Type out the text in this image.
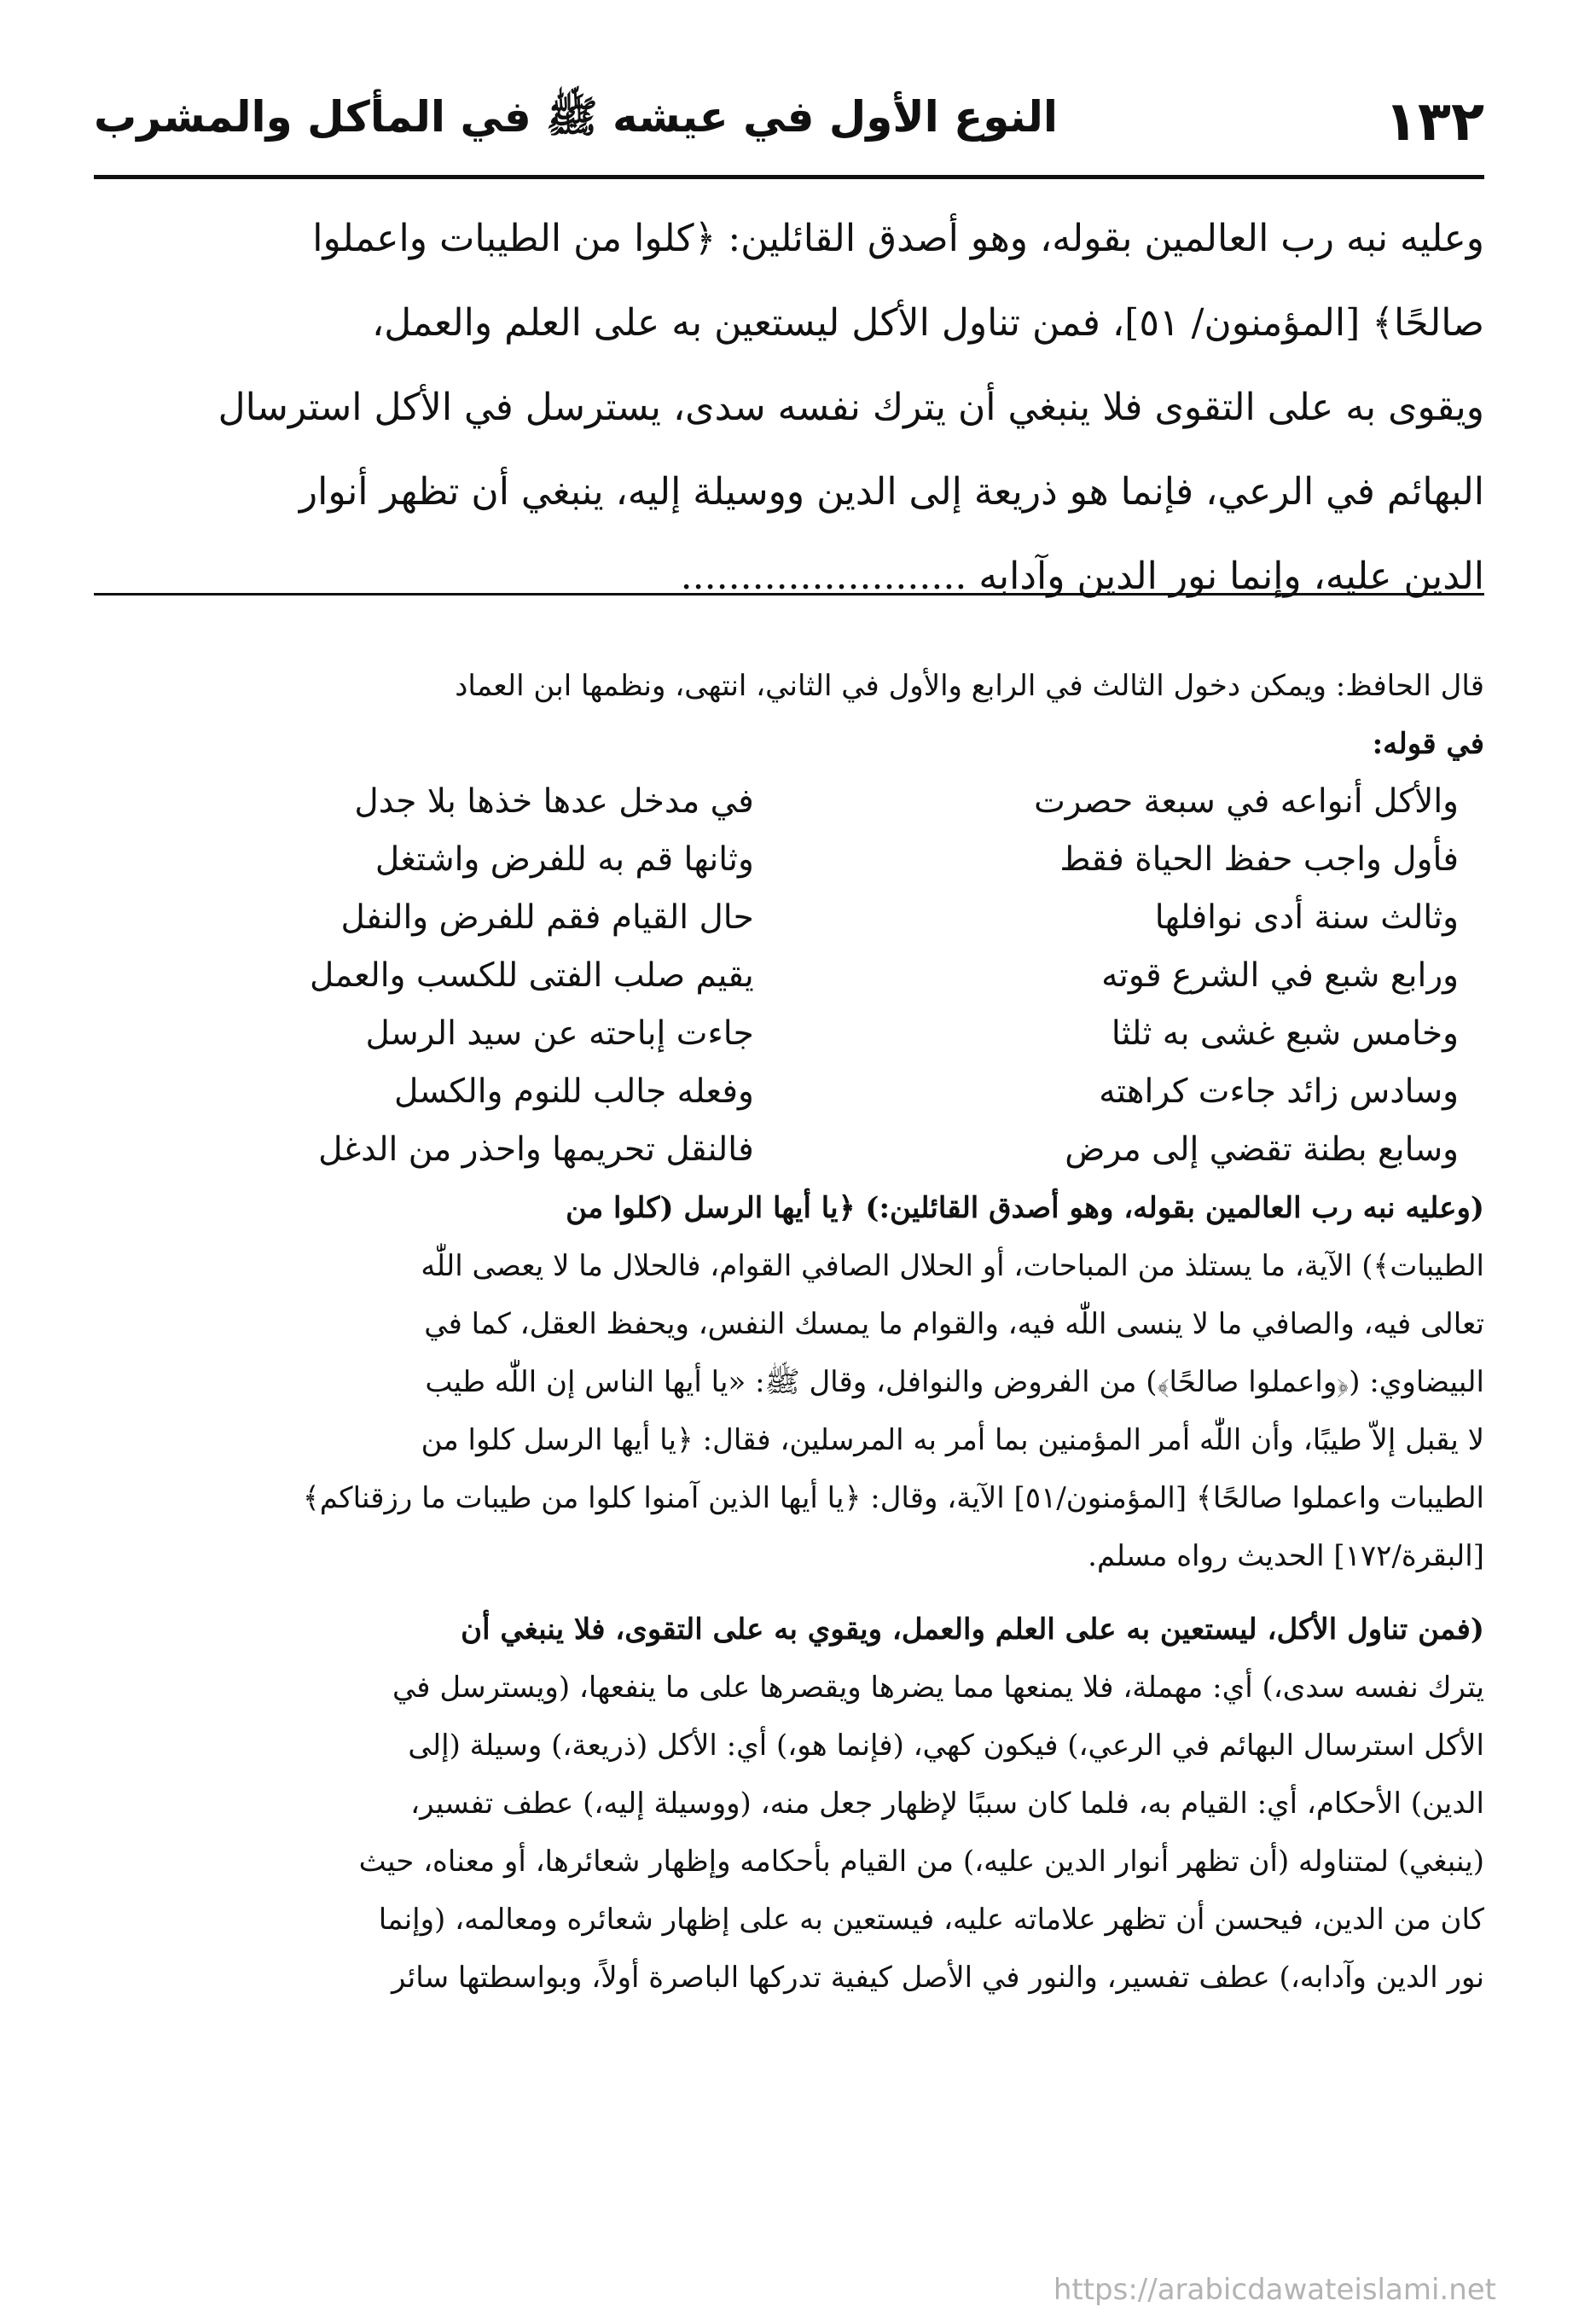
١٣٢
النوع الأول في عيشه ﷺ في المأكل والمشرب

وعليه نبه رب العالمين بقوله، وهو أصدق القائلين: ﴿كلوا من الطيبات واعملوا

صالحًا﴾ [المؤمنون/ ٥١]، فمن تناول الأكل ليستعين به على العلم والعمل،

ويقوى به على التقوى فلا ينبغي أن يترك نفسه سدى، يسترسل في الأكل استرسال

البهائم في الرعي، فإنما هو ذريعة إلى الدين ووسيلة إليه، ينبغي أن تظهر أنوار

الدين عليه، وإنما نور الدين وآدابه ........................

قال الحافظ: ويمكن دخول الثالث في الرابع والأول في الثاني، انتهى، ونظمها ابن العماد

في قوله:

والأكل أنواعه في سبعة حصرت
في مدخل عدها خذها بلا جدل
فأول واجب حفظ الحياة فقط
وثانها قم به للفرض واشتغل
وثالث سنة أدى نوافلها
حال القيام فقم للفرض والنفل
ورابع شبع في الشرع قوته
يقيم صلب الفتى للكسب والعمل
وخامس شبع غشى به ثلثا
جاءت إباحته عن سيد الرسل
وسادس زائد جاءت كراهته
وفعله جالب للنوم والكسل
وسابع بطنة تقضي إلى مرض
فالنقل تحريمها واحذر من الدغل

(وعليه نبه رب العالمين بقوله، وهو أصدق القائلين:) ﴿يا أيها الرسل (كلوا من

الطيبات﴾) الآية، ما يستلذ من المباحات، أو الحلال الصافي القوام، فالحلال ما لا يعصى اللّٰه

تعالى فيه، والصافي ما لا ينسى اللّٰه فيه، والقوام ما يمسك النفس، ويحفظ العقل، كما في

البيضاوي: (﴿واعملوا صالحًا﴾) من الفروض والنوافل، وقال ﷺ: «يا أيها الناس إن اللّٰه طيب

لا يقبل إلاّ طيبًا، وأن اللّٰه أمر المؤمنين بما أمر به المرسلين، فقال: ﴿يا أيها الرسل كلوا من

الطيبات واعملوا صالحًا﴾ [المؤمنون/٥١] الآية، وقال: ﴿يا أيها الذين آمنوا كلوا من طيبات ما رزقناكم﴾

[البقرة/١٧٢] الحديث رواه مسلم.

(فمن تناول الأكل، ليستعين به على العلم والعمل، ويقوي به على التقوى، فلا ينبغي أن

يترك نفسه سدى،) أي: مهملة، فلا يمنعها مما يضرها ويقصرها على ما ينفعها، (ويسترسل في

الأكل استرسال البهائم في الرعي،) فيكون كهي، (فإنما هو،) أي: الأكل (ذريعة،) وسيلة (إلى

الدين) الأحكام، أي: القيام به، فلما كان سببًا لإظهار جعل منه، (ووسيلة إليه،) عطف تفسير،

(ينبغي) لمتناوله (أن تظهر أنوار الدين عليه،) من القيام بأحكامه وإظهار شعائرها، أو معناه، حيث

كان من الدين، فيحسن أن تظهر علاماته عليه، فيستعين به على إظهار شعائره ومعالمه، (وإنما

نور الدين وآدابه،) عطف تفسير، والنور في الأصل كيفية تدركها الباصرة أولاً، وبواسطتها سائر

https://arabicdawateislami.net
